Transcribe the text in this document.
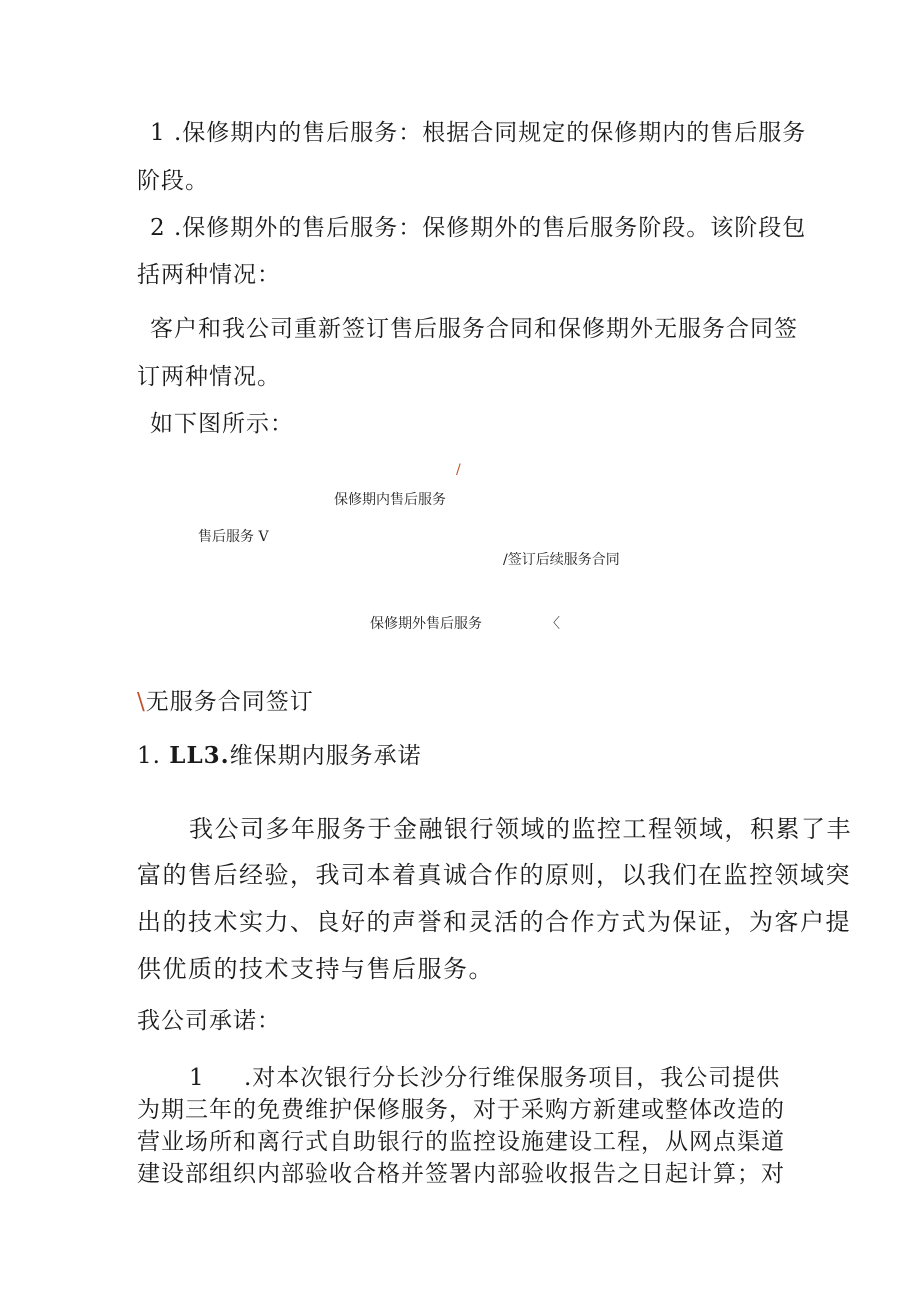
1 .保修期内的售后服务：根据合同规定的保修期内的售后服务
阶段。
2 .保修期外的售后服务：保修期外的售后服务阶段。该阶段包
括两种情况：
客户和我公司重新签订售后服务合同和保修期外无服务合同签
订两种情况。
如下图所示：
/
保修期内售后服务
售后服务 V
/签订后续服务合同
保修期外售后服务	〈
\无服务合同签订
1. LL3.维保期内服务承诺
我公司多年服务于金融银行领域的监控工程领域，积累了丰
富的售后经验，我司本着真诚合作的原则，以我们在监控领域突
出的技术实力、良好的声誉和灵活的合作方式为保证，为客户提
供优质的技术支持与售后服务。
我公司承诺：
1 .对本次银行分长沙分行维保服务项目，我公司提供
为期三年的免费维护保修服务，对于采购方新建或整体改造的
营业场所和离行式自助银行的监控设施建设工程，从网点渠道
建设部组织内部验收合格并签署内部验收报告之日起计算；对
